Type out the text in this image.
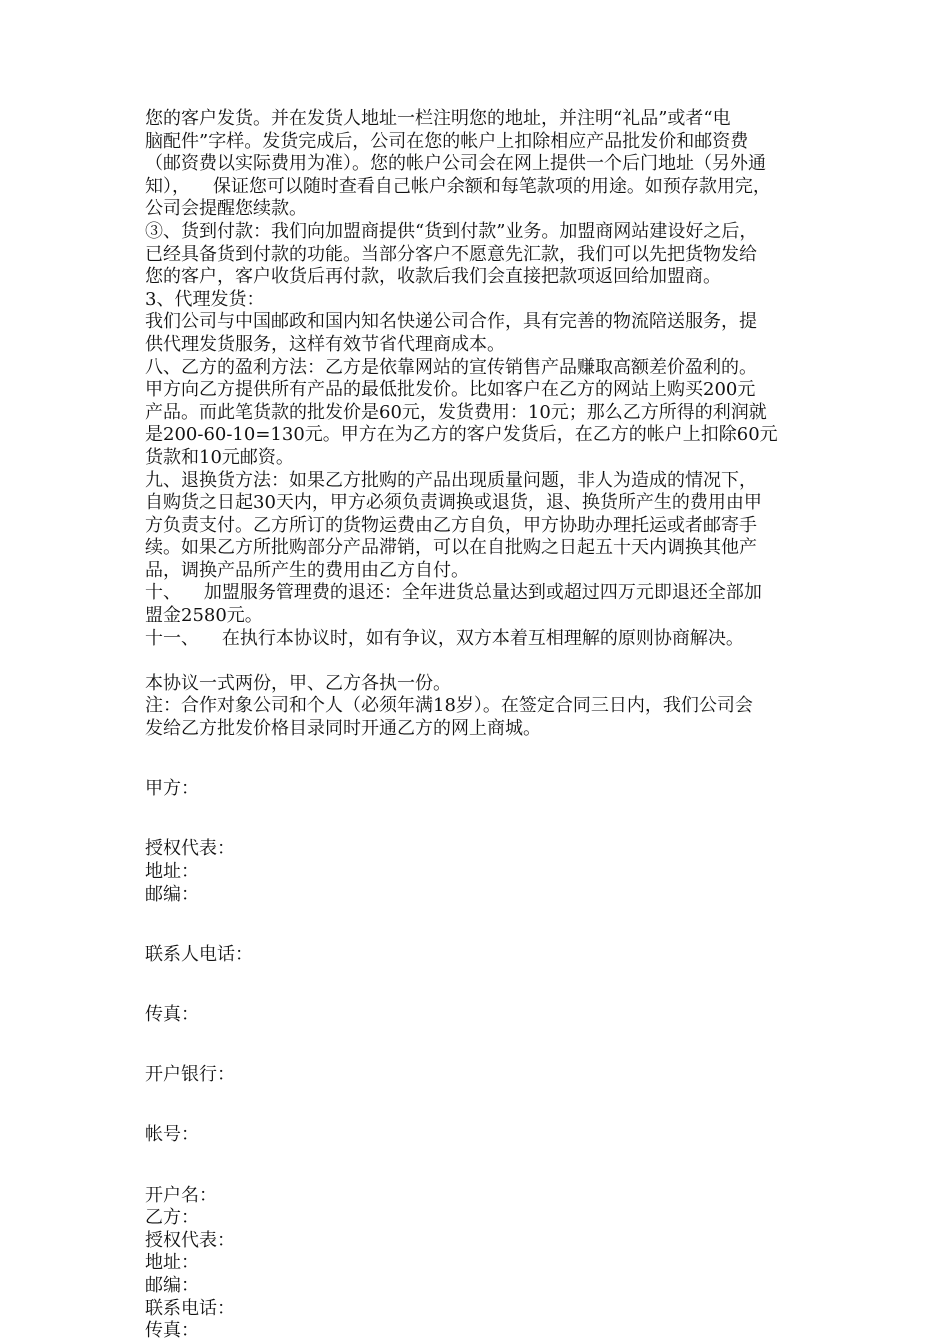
您的客户发货。并在发货人地址一栏注明您的地址，并注明“礼品”或者“电
脑配件”字样。发货完成后，公司在您的帐户上扣除相应产品批发价和邮资费
（邮资费以实际费用为准）。您的帐户公司会在网上提供一个后门地址（另外通
知），    保证您可以随时查看自己帐户余额和每笔款项的用途。如预存款用完，
公司会提醒您续款。
③、货到付款：我们向加盟商提供“货到付款”业务。加盟商网站建设好之后，
已经具备货到付款的功能。当部分客户不愿意先汇款，我们可以先把货物发给
您的客户，客户收货后再付款，收款后我们会直接把款项返回给加盟商。
3、代理发货：
我们公司与中国邮政和国内知名快递公司合作，具有完善的物流陪送服务，提
供代理发货服务，这样有效节省代理商成本。
八、乙方的盈利方法：乙方是依靠网站的宣传销售产品赚取高额差价盈利的。
甲方向乙方提供所有产品的最低批发价。比如客户在乙方的网站上购买200元
产品。而此笔货款的批发价是60元，发货费用：10元；那么乙方所得的利润就
是200-60-10=130元。甲方在为乙方的客户发货后，在乙方的帐户上扣除60元
货款和10元邮资。
九、退换货方法：如果乙方批购的产品出现质量问题，非人为造成的情况下，
自购货之日起30天内，甲方必须负责调换或退货，退、换货所产生的费用由甲
方负责支付。乙方所订的货物运费由乙方自负，甲方协助办理托运或者邮寄手
续。如果乙方所批购部分产品滞销，可以在自批购之日起五十天内调换其他产
品，调换产品所产生的费用由乙方自付。
十、    加盟服务管理费的退还：全年进货总量达到或超过四万元即退还全部加
盟金2580元。
十一、    在执行本协议时，如有争议，双方本着互相理解的原则协商解决。
本协议一式两份，甲、乙方各执一份。
注：合作对象公司和个人（必须年满18岁）。在签定合同三日内，我们公司会
发给乙方批发价格目录同时开通乙方的网上商城。
甲方：
授权代表：
地址：
邮编：
联系人电话：
传真：
开户银行：
帐号：
开户名：
乙方：
授权代表：
地址：
邮编：
联系电话：
传真：
